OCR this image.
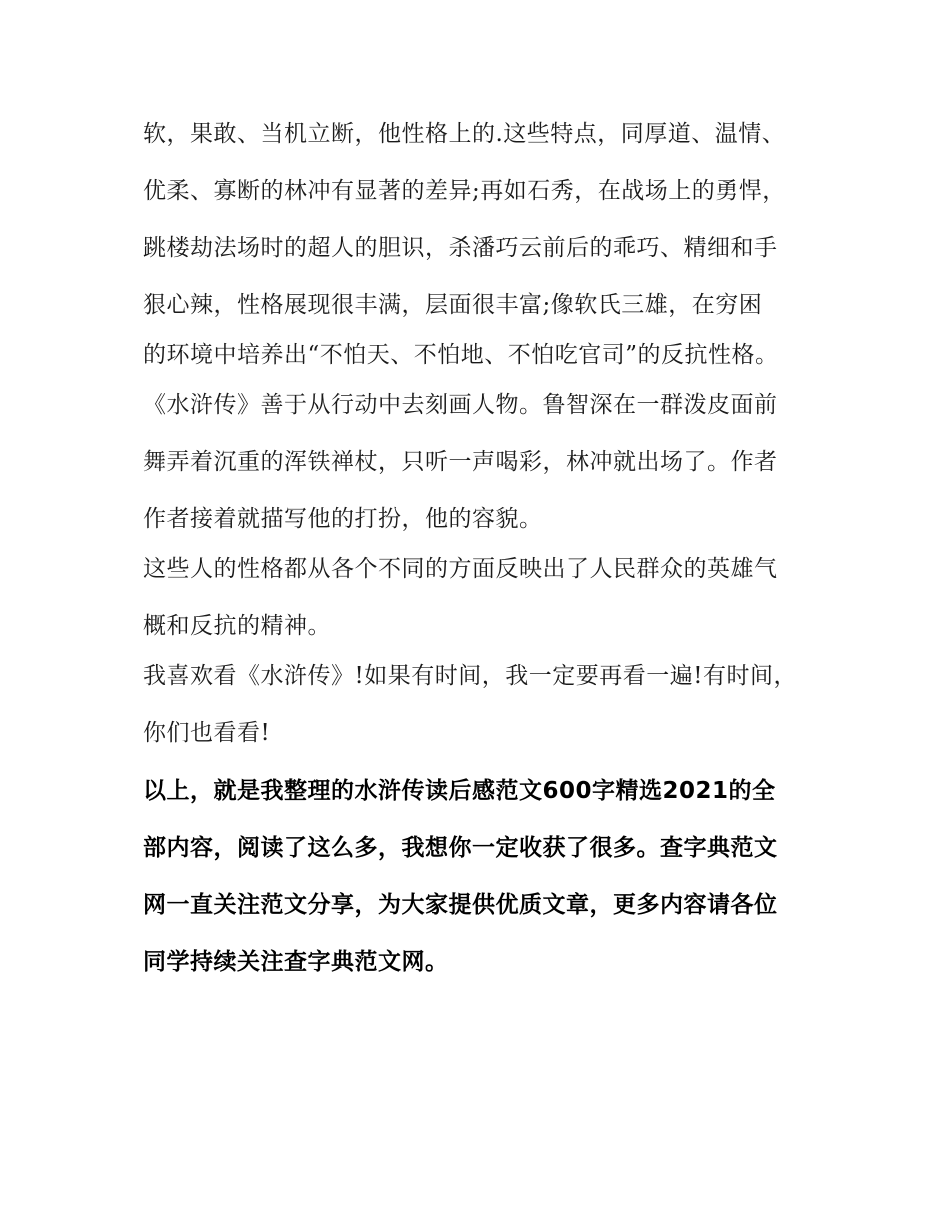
软，果敢、当机立断，他性格上的.这些特点，同厚道、温情、

优柔、寡断的林冲有显著的差异;再如石秀，在战场上的勇悍，

跳楼劫法场时的超人的胆识，杀潘巧云前后的乖巧、精细和手

狠心辣，性格展现很丰满，层面很丰富;像软氏三雄，在穷困

的环境中培养出“不怕天、不怕地、不怕吃官司”的反抗性格。

《水浒传》善于从行动中去刻画人物。鲁智深在一群泼皮面前

舞弄着沉重的浑铁禅杖，只听一声喝彩，林冲就出场了。作者

作者接着就描写他的打扮，他的容貌。

这些人的性格都从各个不同的方面反映出了人民群众的英雄气

概和反抗的精神。

我喜欢看《水浒传》!如果有时间，我一定要再看一遍!有时间，

你们也看看!

以上，就是我整理的水浒传读后感范文600字精选2021的全

部内容，阅读了这么多，我想你一定收获了很多。查字典范文

网一直关注范文分享，为大家提供优质文章，更多内容请各位

同学持续关注查字典范文网。
